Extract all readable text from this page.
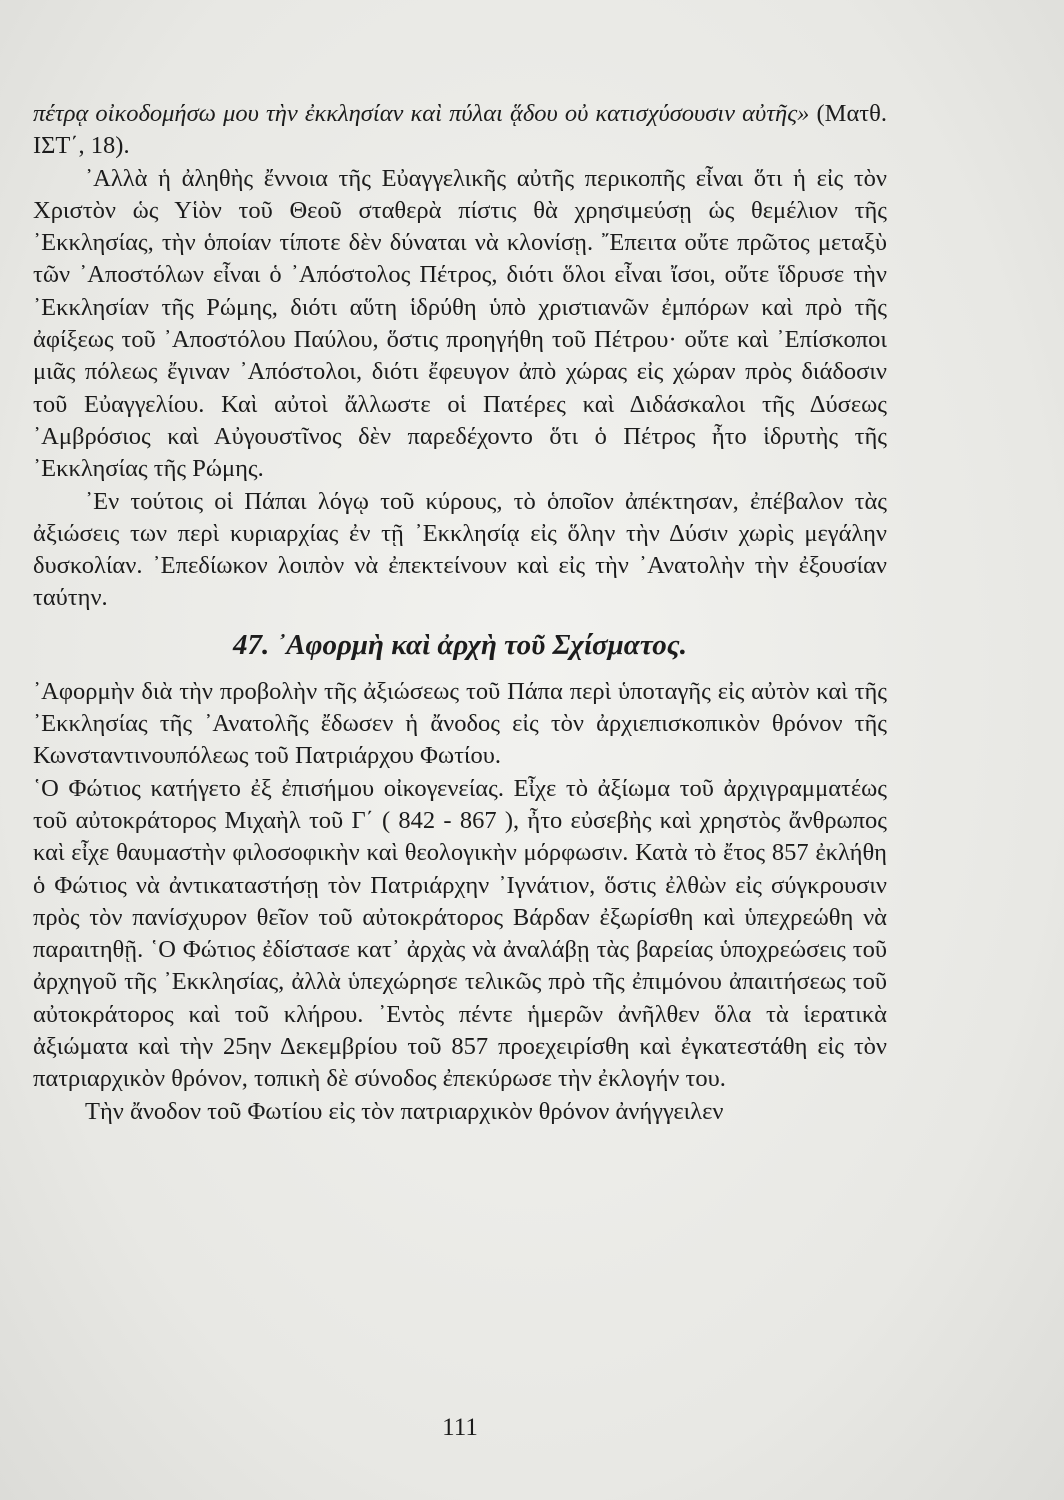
πέτρᾳ οἰκοδομήσω μου τὴν ἐκκλησίαν καὶ πύλαι ᾅδου οὐ κατισχύσουσιν αὐτῆς» (Ματθ. ΙΣΤ΄, 18).

᾿Αλλὰ ἡ ἀληθὴς ἔννοια τῆς Εὐαγγελικῆς αὐτῆς περικοπῆς εἶναι ὅτι ἡ εἰς τὸν Χριστὸν ὡς Υἱὸν τοῦ Θεοῦ σταθερὰ πίστις θὰ χρησιμεύσῃ ὡς θεμέλιον τῆς ᾿Εκκλησίας, τὴν ὁποίαν τίποτε δὲν δύναται νὰ κλονίσῃ. ῎Επειτα οὔτε πρῶτος μεταξὺ τῶν ᾿Αποστόλων εἶναι ὁ ᾿Απόστολος Πέτρος, διότι ὅλοι εἶναι ἴσοι, οὔτε ἵδρυσε τὴν ᾿Εκκλησίαν τῆς Ρώμης, διότι αὕτη ἱδρύθη ὑπὸ χριστιανῶν ἐμπόρων καὶ πρὸ τῆς ἀφίξεως τοῦ ᾿Αποστόλου Παύλου, ὅστις προηγήθη τοῦ Πέτρου· οὔτε καὶ ᾿Επίσκοποι μιᾶς πόλεως ἔγιναν ᾿Απόστολοι, διότι ἔφευγον ἀπὸ χώρας εἰς χώραν πρὸς διάδοσιν τοῦ Εὐαγγελίου. Καὶ αὐτοὶ ἄλλωστε οἱ Πατέρες καὶ Διδάσκαλοι τῆς Δύσεως ᾿Αμβρόσιος καὶ Αὐγουστῖνος δὲν παρεδέχοντο ὅτι ὁ Πέτρος ἦτο ἱδρυτὴς τῆς ᾿Εκκλησίας τῆς Ρώμης.

᾿Εν τούτοις οἱ Πάπαι λόγῳ τοῦ κύρους, τὸ ὁποῖον ἀπέκτησαν, ἐπέβαλον τὰς ἀξιώσεις των περὶ κυριαρχίας ἐν τῇ ᾿Εκκλησίᾳ εἰς ὅλην τὴν Δύσιν χωρὶς μεγάλην δυσκολίαν. ᾿Επεδίωκον λοιπὸν νὰ ἐπεκτείνουν καὶ εἰς τὴν ᾿Ανατολὴν τὴν ἐξουσίαν ταύτην.

47. ᾿Αφορμὴ καὶ ἀρχὴ τοῦ Σχίσματος.

᾿Αφορμὴν διὰ τὴν προβολὴν τῆς ἀξιώσεως τοῦ Πάπα περὶ ὑποταγῆς εἰς αὐτὸν καὶ τῆς ᾿Εκκλησίας τῆς ᾿Ανατολῆς ἔδωσεν ἡ ἄνοδος εἰς τὸν ἀρχιεπισκοπικὸν θρόνον τῆς Κωνσταντινουπόλεως τοῦ Πατριάρχου Φωτίου.

῾Ο Φώτιος κατήγετο ἐξ ἐπισήμου οἰκογενείας. Εἶχε τὸ ἀξίωμα τοῦ ἀρχιγραμματέως τοῦ αὐτοκράτορος Μιχαὴλ τοῦ Γ΄ ( 842 - 867 ), ἦτο εὐσεβὴς καὶ χρηστὸς ἄνθρωπος καὶ εἶχε θαυμαστὴν φιλοσοφικὴν καὶ θεολογικὴν μόρφωσιν. Κατὰ τὸ ἔτος 857 ἐκλήθη ὁ Φώτιος νὰ ἀντικαταστήσῃ τὸν Πατριάρχην ᾿Ιγνάτιον, ὅστις ἐλθὼν εἰς σύγκρουσιν πρὸς τὸν πανίσχυρον θεῖον τοῦ αὐτοκράτορος Βάρδαν ἐξωρίσθη καὶ ὑπεχρεώθη νὰ παραιτηθῇ. ῾Ο Φώτιος ἐδίστασε κατ᾿ ἀρχὰς νὰ ἀναλάβῃ τὰς βαρείας ὑποχρεώσεις τοῦ ἀρχηγοῦ τῆς ᾿Εκκλησίας, ἀλλὰ ὑπεχώρησε τελικῶς πρὸ τῆς ἐπιμόνου ἀπαιτήσεως τοῦ αὐτοκράτορος καὶ τοῦ κλήρου. ᾿Εντὸς πέντε ἡμερῶν ἀνῆλθεν ὅλα τὰ ἱερατικὰ ἀξιώματα καὶ τὴν 25ην Δεκεμβρίου τοῦ 857 προεχειρίσθη καὶ ἐγκατεστάθη εἰς τὸν πατριαρχικὸν θρόνον, τοπικὴ δὲ σύνοδος ἐπεκύρωσε τὴν ἐκλογήν του.

Τὴν ἄνοδον τοῦ Φωτίου εἰς τὸν πατριαρχικὸν θρόνον ἀνήγγειλεν

111
